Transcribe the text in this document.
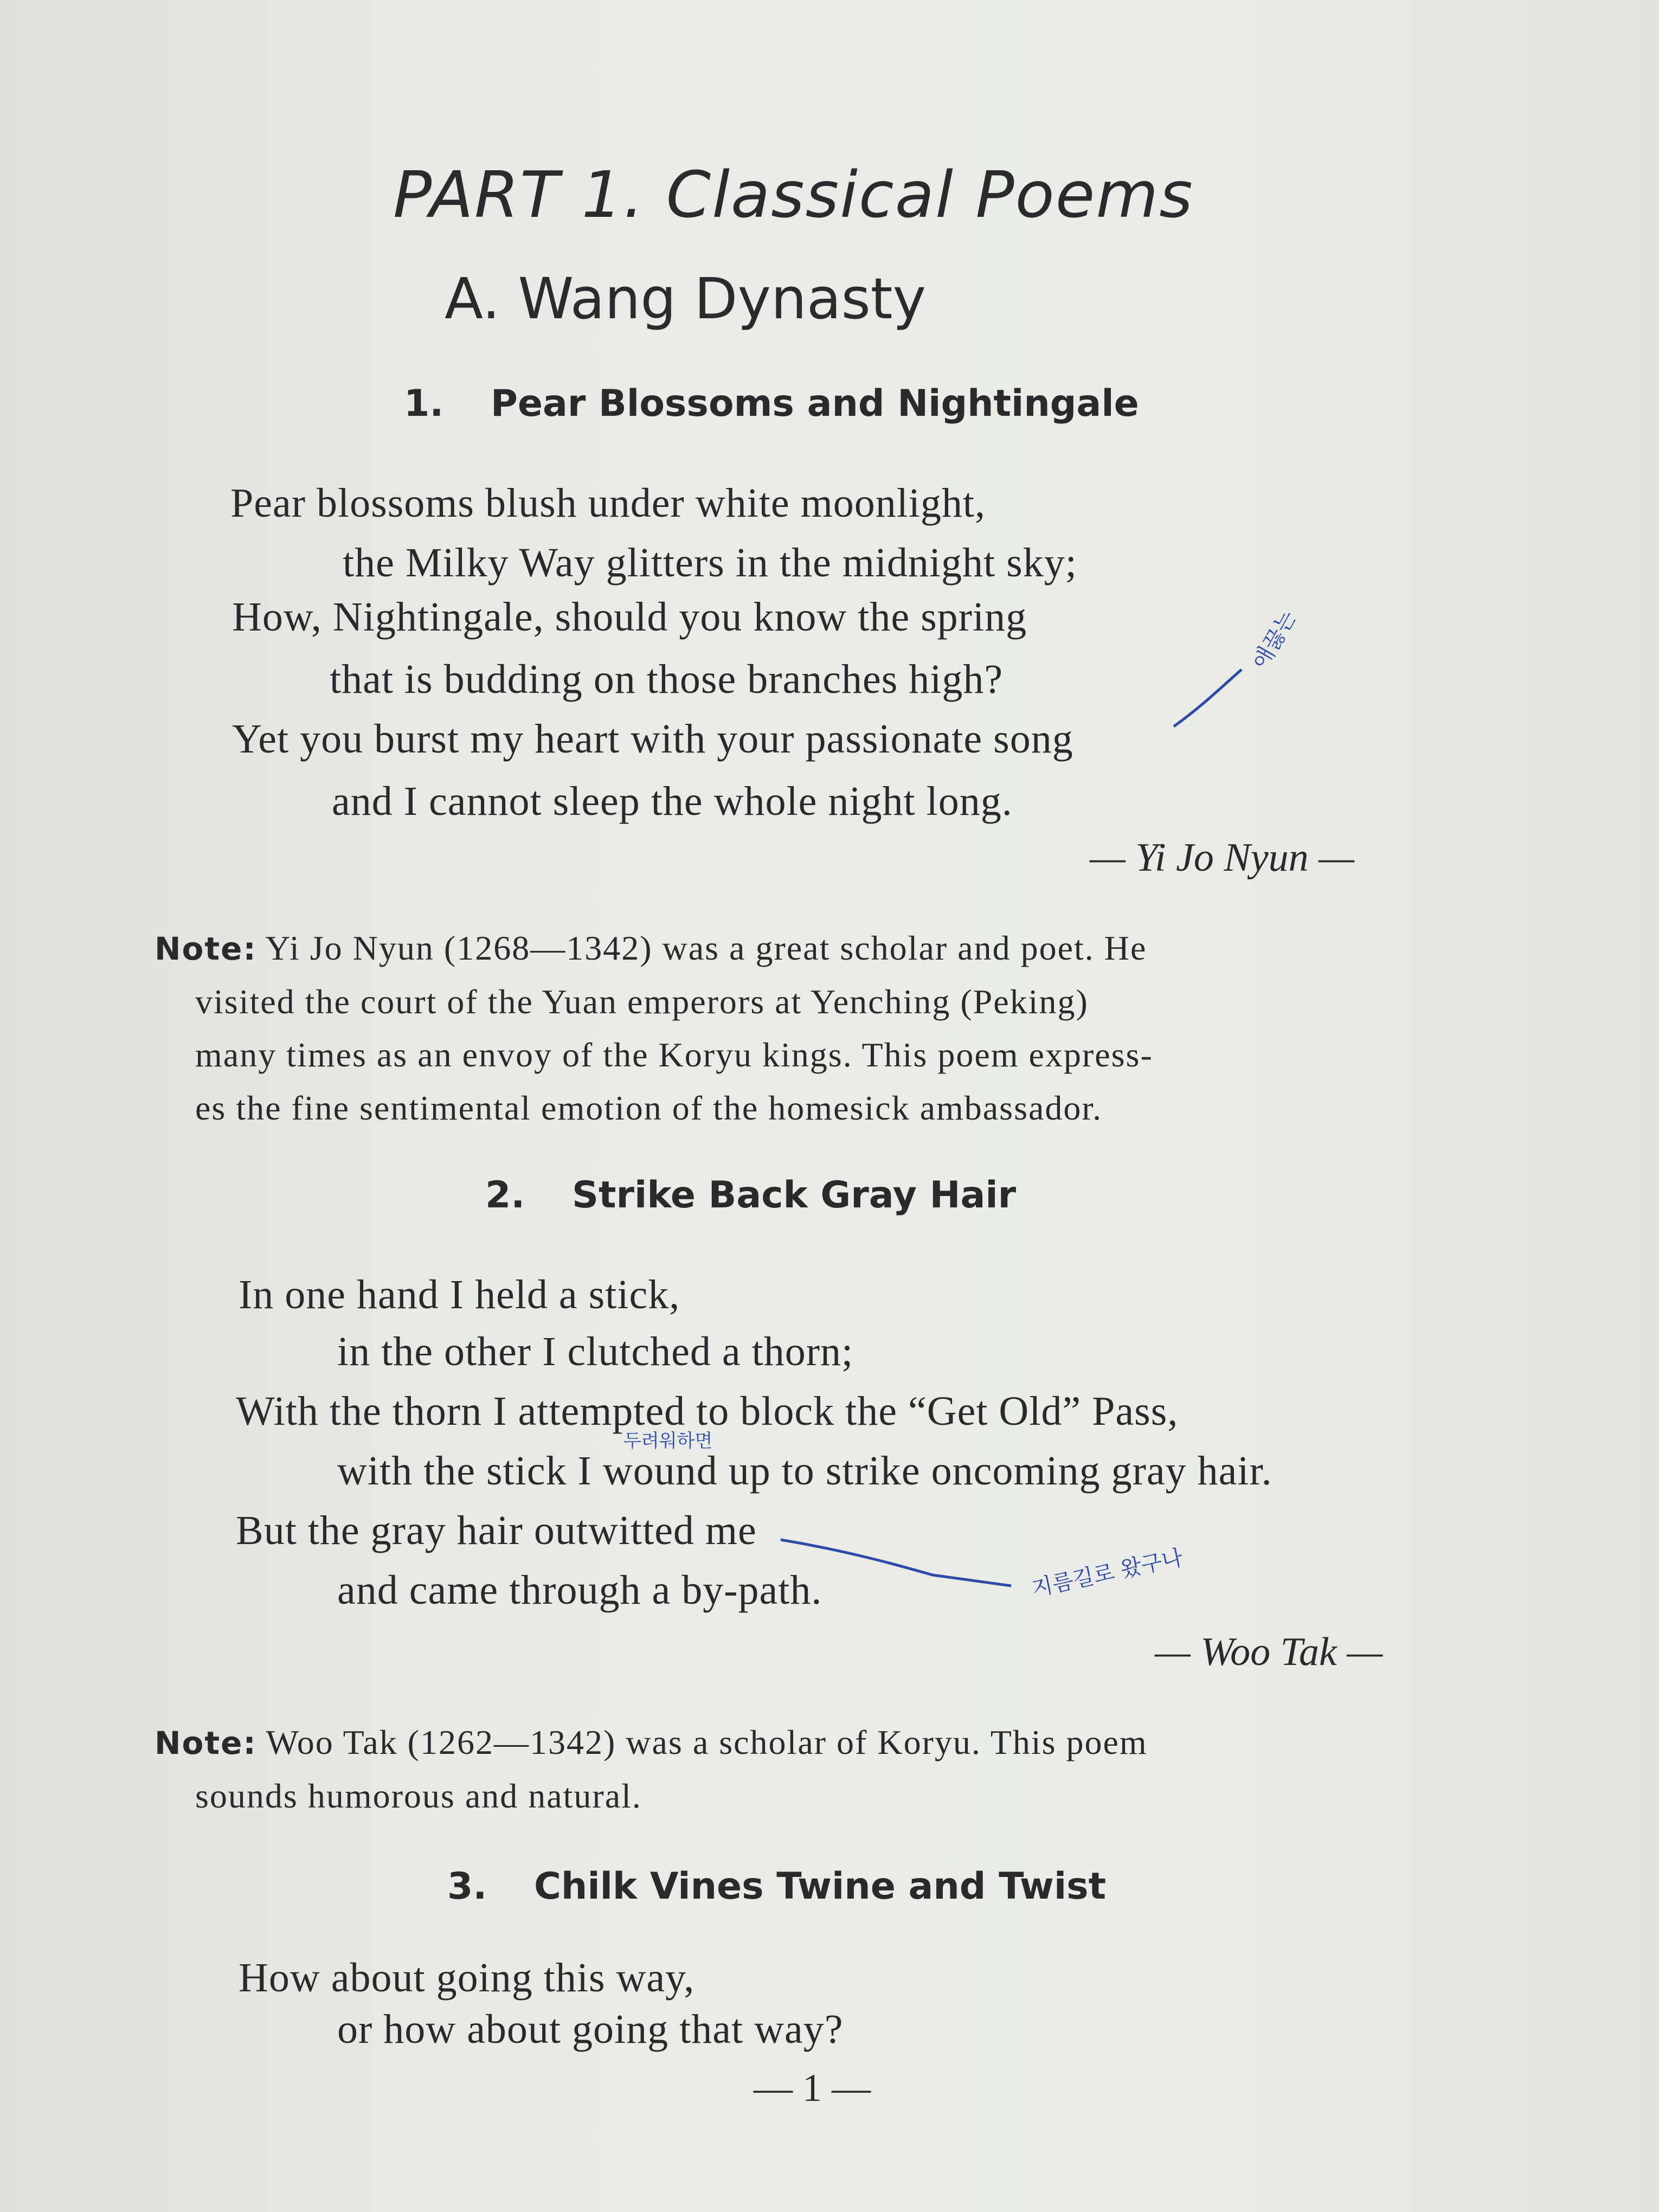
PART 1. Classical Poems
A. Wang Dynasty
1. Pear Blossoms and Nightingale
Pear blossoms blush under white moonlight,
the Milky Way glitters in the midnight sky;
How, Nightingale, should you know the spring
that is budding on those branches high?
Yet you burst my heart with your passionate song
and I cannot sleep the whole night long.
— Yi Jo Nyun —
Note: Yi Jo Nyun (1268—1342) was a great scholar and poet. He
visited the court of the Yuan emperors at Yenching (Peking)
many times as an envoy of the Koryu kings. This poem express-
es the fine sentimental emotion of the homesick ambassador.
2. Strike Back Gray Hair
In one hand I held a stick,
in the other I clutched a thorn;
With the thorn I attempted to block the “Get Old” Pass,
with the stick I wound up to strike oncoming gray hair.
But the gray hair outwitted me
and came through a by-path.
— Woo Tak —
Note: Woo Tak (1262—1342) was a scholar of Koryu. This poem
sounds humorous and natural.
3. Chilk Vines Twine and Twist
How about going this way,
or how about going that way?
— 1 —
애끓는
두려워하면
지름길로 왔구나
